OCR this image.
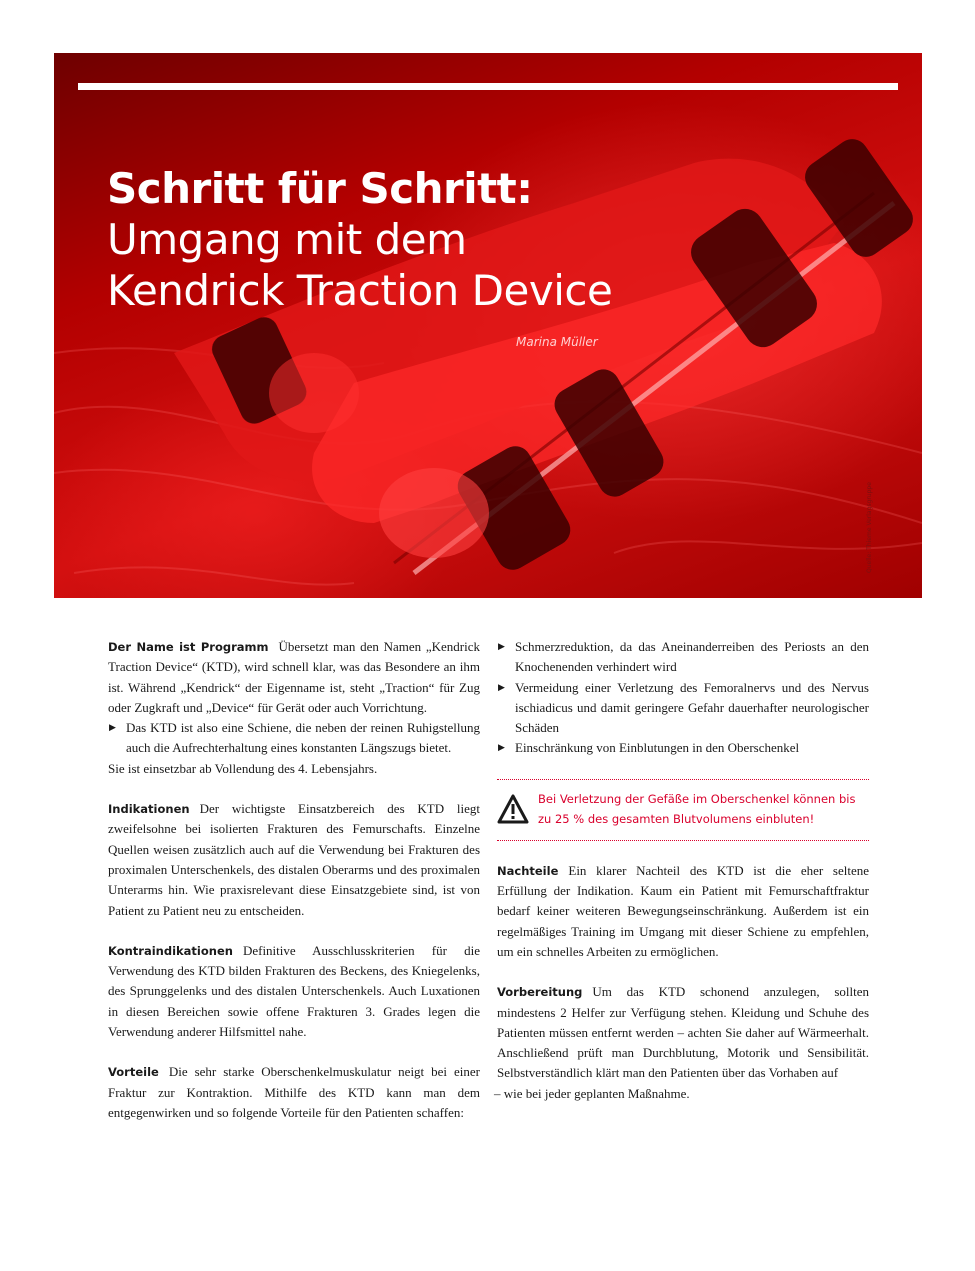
Schritt für Schritt:
Umgang mit dem
Kendrick Traction Device
Marina Müller
Quelle: Thieme Verlagsgruppe

Der Name ist Programm Übersetzt man den Namen „Kendrick Traction Device“ (KTD), wird schnell klar, was das Besondere an ihm ist. Während „Kendrick“ der Eigenname ist, steht „Traction“ für Zug oder Zugkraft und „Device“ für Gerät oder auch Vorrichtung.

▶ Das KTD ist also eine Schiene, die neben der reinen Ruhigstellung auch die Aufrechterhaltung eines konstanten Längszugs bietet.

Sie ist einsetzbar ab Vollendung des 4. Lebensjahrs.

Indikationen Der wichtigste Einsatzbereich des KTD liegt zweifelsohne bei isolierten Frakturen des Femurschafts. Einzelne Quellen weisen zusätzlich auch auf die Verwendung bei Frakturen des proximalen Unterschenkels, des distalen Oberarms und des proximalen Unterarms hin. Wie praxisrelevant diese Einsatzgebiete sind, ist von Patient zu Patient neu zu entscheiden.

Kontraindikationen Definitive Ausschlusskriterien für die Verwendung des KTD bilden Frakturen des Beckens, des Kniegelenks, des Sprunggelenks und des distalen Unterschenkels. Auch Luxationen in diesen Bereichen sowie offene Frakturen 3. Grades legen die Verwendung anderer Hilfsmittel nahe.

Vorteile Die sehr starke Oberschenkelmuskulatur neigt bei einer Fraktur zur Kontraktion. Mithilfe des KTD kann man dem entgegenwirken und so folgende Vorteile für den Patienten schaffen:

▶ Schmerzreduktion, da das Aneinanderreiben des Periosts an den Knochenenden verhindert wird
▶ Vermeidung einer Verletzung des Femoralnervs und des Nervus ischiadicus und damit geringere Gefahr dauerhafter neurologischer Schäden
▶ Einschränkung von Einblutungen in den Oberschenkel
Bei Verletzung der Gefäße im Oberschenkel können bis zu 25 % des gesamten Blutvolumens einbluten!

Nachteile Ein klarer Nachteil des KTD ist die eher seltene Erfüllung der Indikation. Kaum ein Patient mit Femurschaftfraktur bedarf keiner weiteren Bewegungseinschränkung. Außerdem ist ein regelmäßiges Training im Umgang mit dieser Schiene zu empfehlen, um ein schnelles Arbeiten zu ermöglichen.

Vorbereitung Um das KTD schonend anzulegen, sollten mindestens 2 Helfer zur Verfügung stehen. Kleidung und Schuhe des Patienten müssen entfernt werden – achten Sie daher auf Wärmeerhalt. Anschließend prüft man Durchblutung, Motorik und Sensibilität. Selbstverständlich klärt man den Patienten über das Vorhaben auf

– wie bei jeder geplanten Maßnahme.
